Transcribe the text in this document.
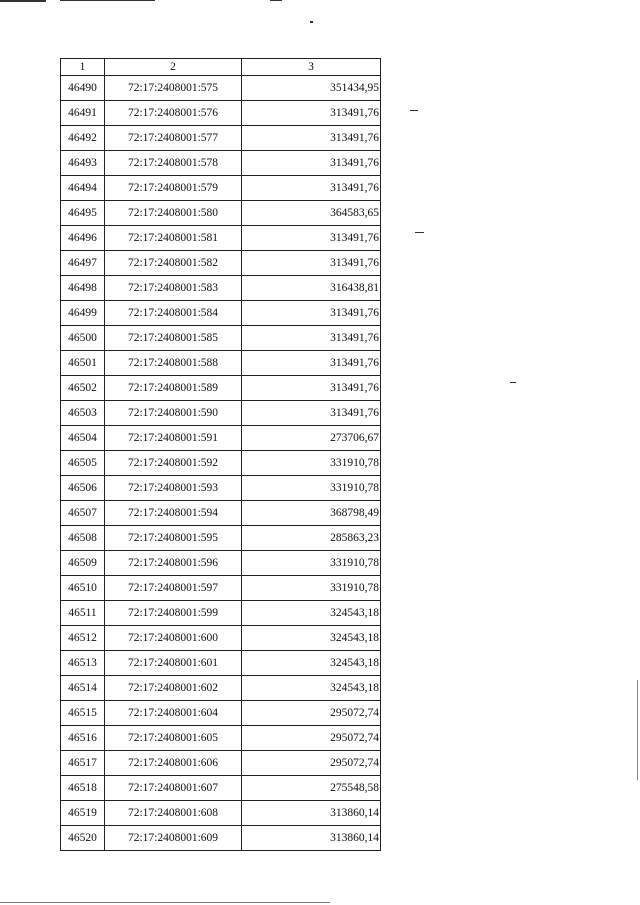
1	2	3
46490	72:17:2408001:575	351434,95
46491	72:17:2408001:576	313491,76
46492	72:17:2408001:577	313491,76
46493	72:17:2408001:578	313491,76
46494	72:17:2408001:579	313491,76
46495	72:17:2408001:580	364583,65
46496	72:17:2408001:581	313491,76
46497	72:17:2408001:582	313491,76
46498	72:17:2408001:583	316438,81
46499	72:17:2408001:584	313491,76
46500	72:17:2408001:585	313491,76
46501	72:17:2408001:588	313491,76
46502	72:17:2408001:589	313491,76
46503	72:17:2408001:590	313491,76
46504	72:17:2408001:591	273706,67
46505	72:17:2408001:592	331910,78
46506	72:17:2408001:593	331910,78
46507	72:17:2408001:594	368798,49
46508	72:17:2408001:595	285863,23
46509	72:17:2408001:596	331910,78
46510	72:17:2408001:597	331910,78
46511	72:17:2408001:599	324543,18
46512	72:17:2408001:600	324543,18
46513	72:17:2408001:601	324543,18
46514	72:17:2408001:602	324543,18
46515	72:17:2408001:604	295072,74
46516	72:17:2408001:605	295072,74
46517	72:17:2408001:606	295072,74
46518	72:17:2408001:607	275548,58
46519	72:17:2408001:608	313860,14
46520	72:17:2408001:609	313860,14
